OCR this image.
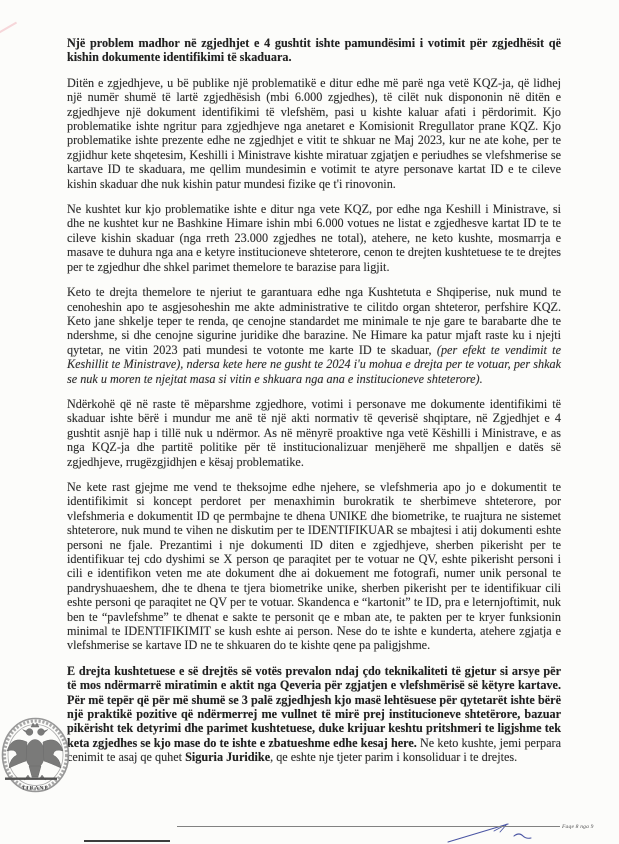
Një problem madhor në zgjedhjet e 4 gushtit ishte pamundësimi i votimit për zgjedhësit që kishin dokumente identifikimi të skaduara.

Ditën e zgjedhjeve, u bë publike një problematikë e ditur edhe më parë nga vetë KQZ-ja, që lidhej një numër shumë të lartë zgjedhësish (mbi 6.000 zgjedhes), të cilët nuk dispononin në ditën e zgjedhjeve një dokument identifikimi të vlefshëm, pasi u kishte kaluar afati i përdorimit. Kjo problematike ishte ngritur para zgjedhjeve nga anetaret e Komisionit Rregullator prane KQZ. Kjo problematike ishte prezente edhe ne zgjedhjet e vitit te shkuar ne Maj 2023, kur ne ate kohe, per te zgjidhur kete shqetesim, Keshilli i Ministrave kishte miratuar zgjatjen e periudhes se vlefshmerise se kartave ID te skaduara, me qellim mundesimin e votimit te atyre personave kartat ID e te cileve kishin skaduar dhe nuk kishin patur mundesi fizike qe t'i rinovonin.

Ne kushtet kur kjo problematike ishte e ditur nga vete KQZ, por edhe nga Keshill i Ministrave, si dhe ne kushtet kur ne Bashkine Himare ishin mbi 6.000 votues ne listat e zgjedhesve kartat ID te te cileve kishin skaduar (nga rreth 23.000 zgjedhes ne total), atehere, ne keto kushte, mosmarrja e masave te duhura nga ana e ketyre institucioneve shteterore, cenon te drejten kushtetuese te te drejtes per te zgjedhur dhe shkel parimet themelore te barazise para ligjit.

Keto te drejta themelore te njeriut te garantuara edhe nga Kushtetuta e Shqiperise, nuk mund te cenoheshin apo te asgjesoheshin me akte administrative te cilitdo organ shteteror, perfshire KQZ. Keto jane shkelje teper te renda, qe cenojne standardet me minimale te nje gare te barabarte dhe te ndershme, si dhe cenojne sigurine juridike dhe barazine. Ne Himare ka patur mjaft raste ku i njejti qytetar, ne vitin 2023 pati mundesi te votonte me karte ID te skaduar, (per efekt te vendimit te Keshillit te Ministrave), ndersa kete here ne gusht te 2024 i'u mohua e drejta per te votuar, per shkak se nuk u moren te njejtat masa si vitin e shkuara nga ana e institucioneve shteterore).

Ndërkohë që në raste të mëparshme zgjedhore, votimi i personave me dokumente identifikimi të skaduar ishte bërë i mundur me anë të një akti normativ të qeverisë shqiptare, në Zgjedhjet e 4 gushtit asnjë hap i tillë nuk u ndërmor. As në mënyrë proaktive nga vetë Këshilli i Ministrave, e as nga KQZ-ja dhe partitë politike për të institucionalizuar menjëherë me shpalljen e datës së zgjedhjeve, rrugëzgjidhjen e kësaj problematike.

Ne kete rast gjejme me vend te theksojme edhe njehere, se vlefshmeria apo jo e dokumentit te identifikimit si koncept perdoret per menaxhimin burokratik te sherbimeve shteterore, por vlefshmeria e dokumentit ID qe permbajne te dhena UNIKE dhe biometrike, te ruajtura ne sistemet shteterore, nuk mund te vihen ne diskutim per te IDENTIFIKUAR se mbajtesi i atij dokumenti eshte personi ne fjale. Prezantimi i nje dokumenti ID diten e zgjedhjeve, sherben pikerisht per te identifikuar tej cdo dyshimi se X person qe paraqitet per te votuar ne QV, eshte pikerisht personi i cili e identifikon veten me ate dokument dhe ai dokuement me fotografi, numer unik personal te pandryshuaeshem, dhe te dhena te tjera biometrike unike, sherben pikerisht per te identifikuar cili eshte personi qe paraqitet ne QV per te votuar. Skandenca e “kartonit” te ID, pra e leternjoftimit, nuk ben te “pavlefshme” te dhenat e sakte te personit qe e mban ate, te pakten per te kryer funksionin minimal te IDENTIFIKIMIT se kush eshte ai person. Nese do te ishte e kunderta, atehere zgjatja e vlefshmerise se kartave ID ne te shkuaren do te kishte qene pa paligjshme.

E drejta kushtetuese e së drejtës së votës prevalon ndaj çdo teknikaliteti të gjetur si arsye për të mos ndërmarrë miratimin e aktit nga Qeveria për zgjatjen e vlefshmërisë së këtyre kartave. Për më tepër që për më shumë se 3 palë zgjedhjesh kjo masë lehtësuese për qytetarët ishte bërë një praktikë pozitive që ndërmerrej me vullnet të mirë prej institucioneve shtetërore, bazuar pikërisht tek detyrimi dhe parimet kushtetuese, duke krijuar keshtu pritshmeri te ligjshme tek keta zgjedhes se kjo mase do te ishte e zbatueshme edhe kesaj here. Ne keto kushte, jemi perpara cenimit te asaj qe quhet Siguria Juridike, qe eshte nje tjeter parim i konsoliduar i te drejtes.

TIRANE
Faqe 8 nga 9
